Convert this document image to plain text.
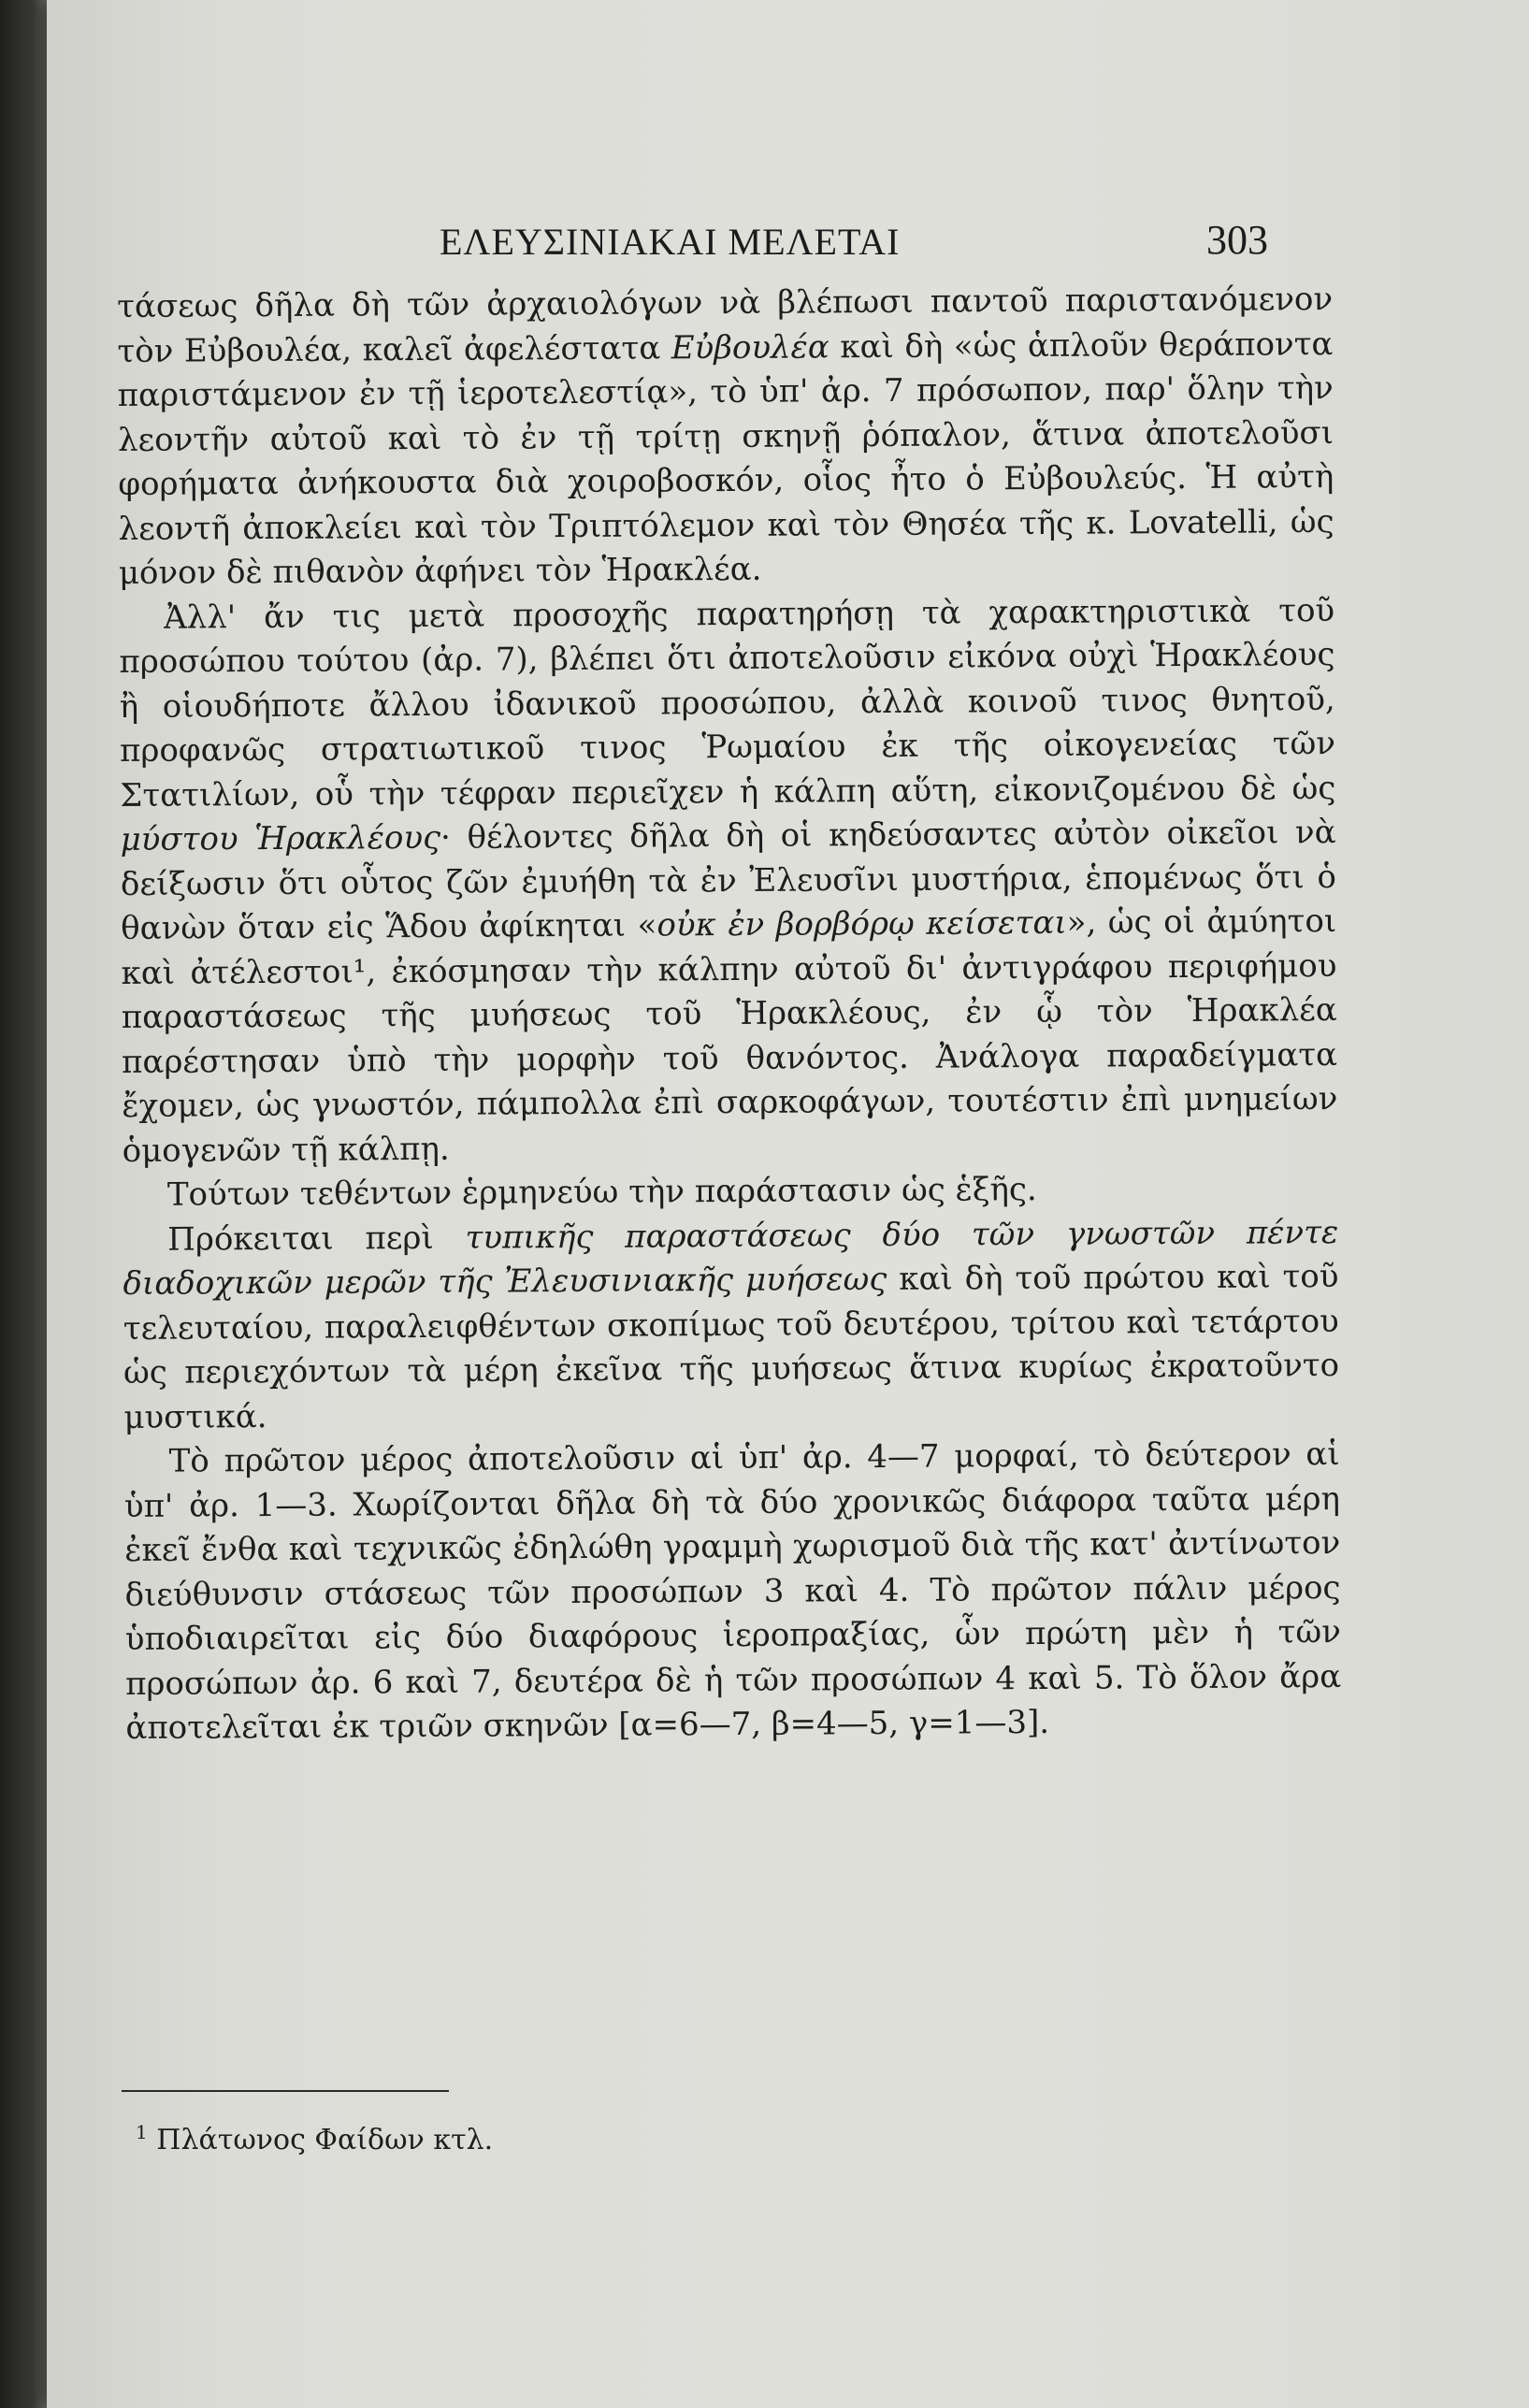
ΕΛΕΥΣΙΝΙΑΚΑΙ ΜΕΛΕΤΑΙ	303

τάσεως δῆλα δὴ τῶν ἀρχαιολόγων νὰ βλέπωσι παντοῦ παριστανόμενον τὸν Εὐβουλέα, καλεῖ ἀφελέστατα Εὐβουλέα καὶ δὴ «ὡς ἁπλοῦν θεράποντα παριστάμενον ἐν τῇ ἱεροτελεστίᾳ», τὸ ὑπ' ἀρ. 7 πρόσωπον, παρ' ὅλην τὴν λεοντῆν αὐτοῦ καὶ τὸ ἐν τῇ τρίτῃ σκηνῇ ῥόπαλον, ἅτινα ἀποτελοῦσι φορήματα ἀνήκουστα διὰ χοιροβοσκόν, οἷος ἦτο ὁ Εὐβουλεύς. Ἡ αὐτὴ λεοντῆ ἀποκλείει καὶ τὸν Τριπτόλεμον καὶ τὸν Θησέα τῆς κ. Lovatelli, ὡς μόνον δὲ πιθανὸν ἀφήνει τὸν Ἡρακλέα.

Ἀλλ' ἄν τις μετὰ προσοχῆς παρατηρήσῃ τὰ χαρακτηριστικὰ τοῦ προσώπου τούτου (ἀρ. 7), βλέπει ὅτι ἀποτελοῦσιν εἰκόνα οὐχὶ Ἡρακλέους ἢ οἱουδήποτε ἄλλου ἰδανικοῦ προσώπου, ἀλλὰ κοινοῦ τινος θνητοῦ, προφανῶς στρατιωτικοῦ τινος Ῥωμαίου ἐκ τῆς οἰκογενείας τῶν Στατιλίων, οὗ τὴν τέφραν περιεῖχεν ἡ κάλπη αὕτη, εἰκονιζομένου δὲ ὡς μύστου Ἡρακλέους· θέλοντες δῆλα δὴ οἱ κηδεύσαντες αὐτὸν οἰκεῖοι νὰ δείξωσιν ὅτι οὗτος ζῶν ἐμυήθη τὰ ἐν Ἐλευσῖνι μυστήρια, ἑπομένως ὅτι ὁ θανὼν ὅταν εἰς Ἅδου ἀφίκηται «οὐκ ἐν βορβόρῳ κείσεται», ὡς οἱ ἀμύητοι καὶ ἀτέλεστοι¹, ἐκόσμησαν τὴν κάλπην αὐτοῦ δι' ἀντιγράφου περιφήμου παραστάσεως τῆς μυήσεως τοῦ Ἡρακλέους, ἐν ᾧ τὸν Ἡρακλέα παρέστησαν ὑπὸ τὴν μορφὴν τοῦ θανόντος. Ἀνάλογα παραδείγματα ἔχομεν, ὡς γνωστόν, πάμπολλα ἐπὶ σαρκοφάγων, τουτέστιν ἐπὶ μνημείων ὁμογενῶν τῇ κάλπῃ.

Τούτων τεθέντων ἑρμηνεύω τὴν παράστασιν ὡς ἑξῆς.

Πρόκειται περὶ τυπικῆς παραστάσεως δύο τῶν γνωστῶν πέντε διαδοχικῶν μερῶν τῆς Ἐλευσινιακῆς μυήσεως καὶ δὴ τοῦ πρώτου καὶ τοῦ τελευταίου, παραλειφθέντων σκοπίμως τοῦ δευτέρου, τρίτου καὶ τετάρτου ὡς περιεχόντων τὰ μέρη ἐκεῖνα τῆς μυήσεως ἅτινα κυρίως ἐκρατοῦντο μυστικά.

Τὸ πρῶτον μέρος ἀποτελοῦσιν αἱ ὑπ' ἀρ. 4—7 μορφαί, τὸ δεύτερον αἱ ὑπ' ἀρ. 1—3. Χωρίζονται δῆλα δὴ τὰ δύο χρονικῶς διάφορα ταῦτα μέρη ἐκεῖ ἔνθα καὶ τεχνικῶς ἐδηλώθη γραμμὴ χωρισμοῦ διὰ τῆς κατ' ἀντίνωτον διεύθυνσιν στάσεως τῶν προσώπων 3 καὶ 4. Τὸ πρῶτον πάλιν μέρος ὑποδιαιρεῖται εἰς δύο διαφόρους ἱεροπραξίας, ὧν πρώτη μὲν ἡ τῶν προσώπων ἀρ. 6 καὶ 7, δευτέρα δὲ ἡ τῶν προσώπων 4 καὶ 5. Τὸ ὅλον ἄρα ἀποτελεῖται ἐκ τριῶν σκηνῶν [α=6—7, β=4—5, γ=1—3].

$^1$ Πλάτωνος Φαίδων κτλ.
